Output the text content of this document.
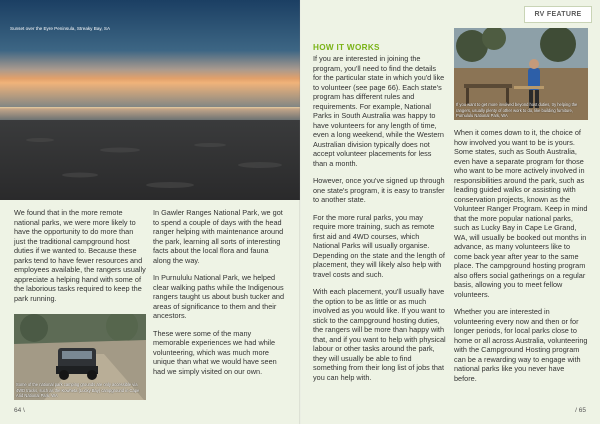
Sunset over the Eyre Peninsula, Streaky Bay, SA

We found that in the more remote national parks, we were more likely to have the opportunity to do more than just the traditional campground host duties if we wanted to. Because these parks tend to have fewer resources and employees available, the rangers usually appreciate a helping hand with some of the laborious tasks required to keep the park running.

Some of the national park camping grounds are only accessible via 4WD tracks, such as the Kowheta (Lucky Bay) campground in Cape Arid National Park, WA

In Gawler Ranges National Park, we got to spend a couple of days with the head ranger helping with maintenance around the park, learning all sorts of interesting facts about the local flora and fauna along the way.

In Purnululu National Park, we helped clear walking paths while the Indigenous rangers taught us about bush tucker and areas of significance to them and their ancestors.

These were some of the many memorable experiences we had while volunteering, which was much more unique than what we would have seen had we simply visited on our own.

64 \
RV FEATURE
HOW IT WORKS

If you are interested in joining the program, you'll need to find the details for the particular state in which you'd like to volunteer (see page 66). Each state's program has different rules and requirements. For example, National Parks in South Australia was happy to have volunteers for any length of time, even a long weekend, while the Western Australian division typically does not accept volunteer placements for less than a month.

However, once you've signed up through one state's program, it is easy to transfer to another state.

For the more rural parks, you may require more training, such as remote first aid and 4WD courses, which National Parks will usually organise. Depending on the state and the length of placement, they will likely also help with travel costs and such.

With each placement, you'll usually have the option to be as little or as much involved as you would like. If you want to stick to the campground hosting duties, the rangers will be more than happy with that, and if you want to help with physical labour or other tasks around the park, they will usually be able to find something from their long list of jobs that you can help with.

If you want to get more involved beyond host duties, try helping the rangers, usually plenty of other work to do, like building furniture, Purnululu National Park, WA

When it comes down to it, the choice of how involved you want to be is yours. Some states, such as South Australia, even have a separate program for those who want to be more actively involved in responsibilities around the park, such as leading guided walks or assisting with conservation projects, known as the Volunteer Ranger Program. Keep in mind that the more popular national parks, such as Lucky Bay in Cape Le Grand, WA, will usually be booked out months in advance, as many volunteers like to come back year after year to the same place. The campground hosting program also offers social gatherings on a regular basis, allowing you to meet fellow volunteers.

Whether you are interested in volunteering every now and then or for longer periods, for local parks close to home or all across Australia, volunteering with the Campground Hosting program can be a rewarding way to engage with national parks like you never have before.

/ 65
